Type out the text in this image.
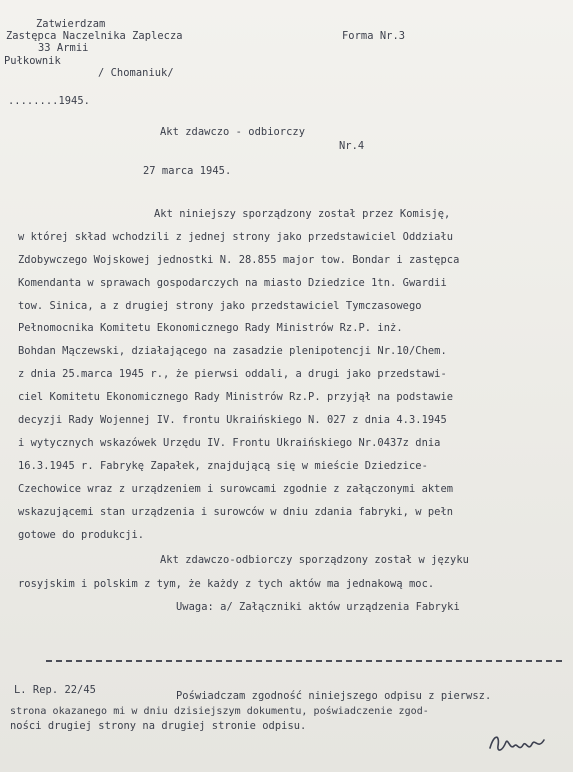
Zatwierdzam
Zastępca Naczelnika Zaplecza
33 Armii
Pułkownik
/ Chomaniuk/
........1945.
Forma Nr.3
Akt zdawczo - odbiorczy
Nr.4
27 marca 1945.
Akt niniejszy sporządzony został przez Komisję,
w której skład wchodzili z jednej strony jako przedstawiciel Oddziału
Zdobywczego Wojskowej jednostki N. 28.855 major tow. Bondar i zastępca
Komendanta w sprawach gospodarczych na miasto Dziedzice 1tn. Gwardii
tow. Sinica, a z drugiej strony jako przedstawiciel Tymczasowego
Pełnomocnika Komitetu Ekonomicznego Rady Ministrów Rz.P. inż.
Bohdan Mączewski, działającego na zasadzie plenipotencji Nr.10/Chem.
z dnia 25.marca 1945 r., że pierwsi oddali, a drugi jako przedstawi-
ciel Komitetu Ekonomicznego Rady Ministrów Rz.P. przyjął na podstawie
decyzji Rady Wojennej IV. frontu Ukraińskiego N. 027 z dnia 4.3.1945
i wytycznych wskazówek Urzędu IV. Frontu Ukraińskiego Nr.0437z dnia
16.3.1945 r. Fabrykę Zapałek, znajdującą się w mieście Dziedzice-
Czechowice wraz z urządzeniem i surowcami zgodnie z załączonymi aktem
wskazującemi stan urządzenia i surowców w dniu zdania fabryki, w pełn
gotowe do produkcji.
Akt zdawczo-odbiorczy sporządzony został w języku
rosyjskim i polskim z tym, że każdy z tych aktów ma jednakową moc.
Uwaga: a/ Załączniki aktów urządzenia Fabryki
L. Rep. 22/45	Poświadczam zgodność niniejszego odpisu z pierwsz.
strona okazanego mi w dniu dzisiejszym dokumentu, poświadczenie zgod-
ności drugiej strony na drugiej stronie odpisu.
